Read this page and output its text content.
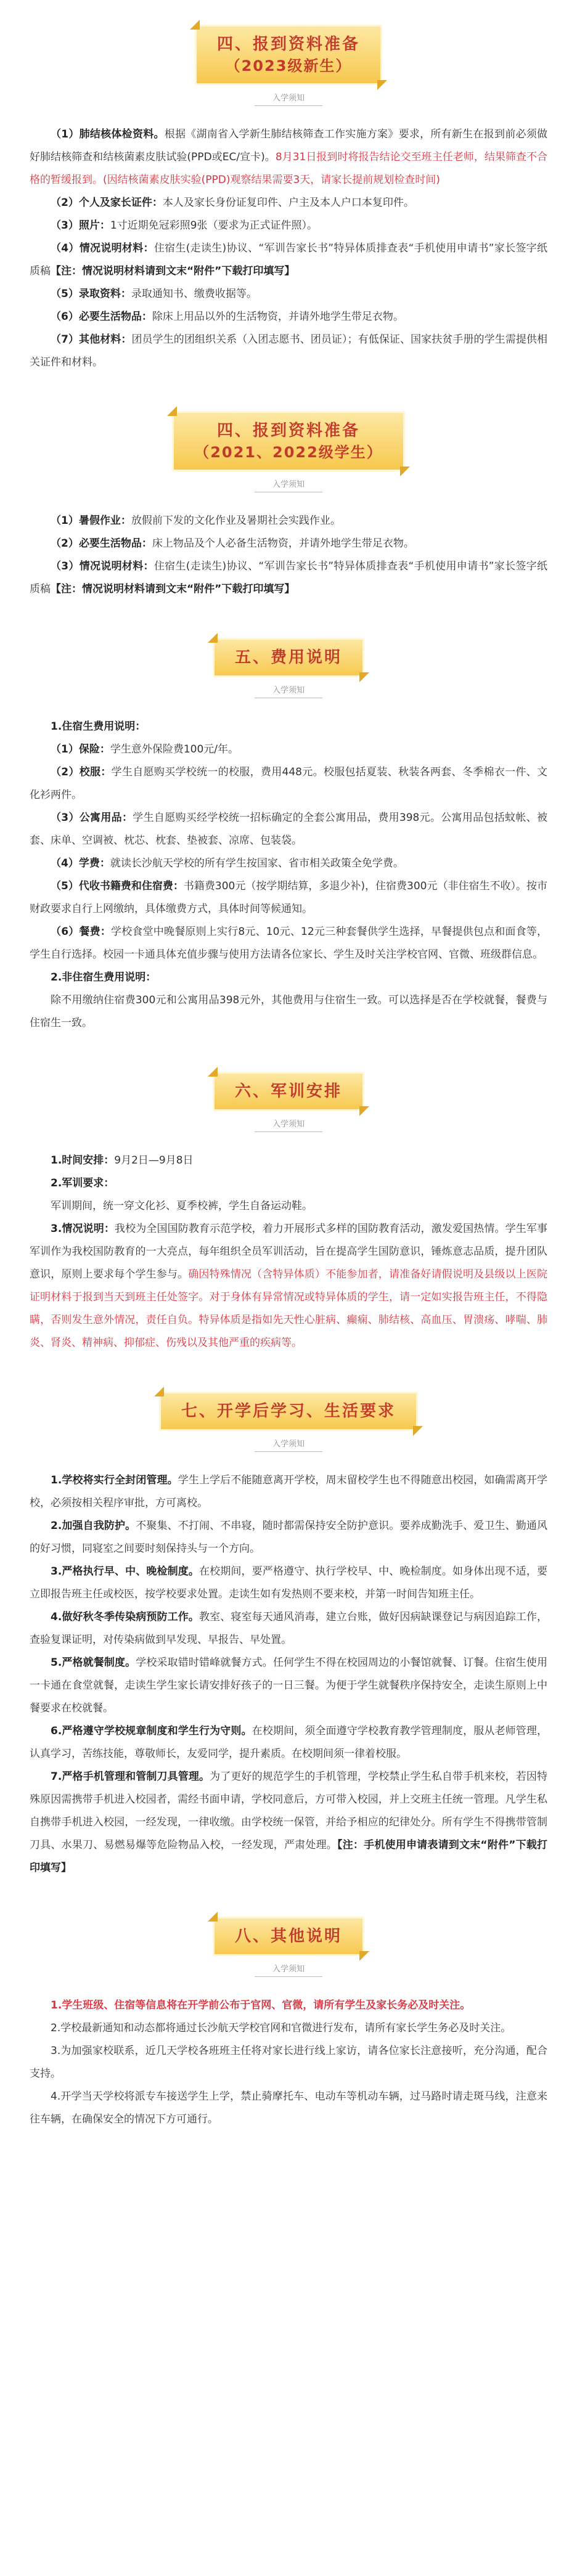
四、报到资料准备
（2023级新生）
入学须知

（1）肺结核体检资料。根据《湖南省入学新生肺结核筛查工作实施方案》要求，所有新生在报到前必须做好肺结核筛查和结核菌素皮肤试验(PPD或EC/宣卡)。8月31日报到时将报告结论交至班主任老师，结果筛查不合格的暂缓报到。(因结核菌素皮肤实验(PPD)观察结果需要3天，请家长提前规划检查时间)

（2）个人及家长证件：本人及家长身份证复印件、户主及本人户口本复印件。

（3）照片：1寸近期免冠彩照9张（要求为正式证件照）。

（4）情况说明材料：住宿生(走读生)协议、“军训告家长书”特异体质排查表“手机使用申请书”家长签字纸质稿【注：情况说明材料请到文末“附件”下载打印填写】

（5）录取资料：录取通知书、缴费收据等。

（6）必要生活物品：除床上用品以外的生活物资，并请外地学生带足衣物。

（7）其他材料：团员学生的团组织关系（入团志愿书、团员证）；有低保证、国家扶贫手册的学生需提供相关证件和材料。

四、报到资料准备
（2021、2022级学生）
入学须知

（1）暑假作业：放假前下发的文化作业及暑期社会实践作业。

（2）必要生活物品：床上物品及个人必备生活物资，并请外地学生带足衣物。

（3）情况说明材料：住宿生(走读生)协议、“军训告家长书”特异体质排查表“手机使用申请书”家长签字纸质稿【注：情况说明材料请到文末“附件”下载打印填写】

五、费用说明
入学须知

1.住宿生费用说明：

（1）保险：学生意外保险费100元/年。

（2）校服：学生自愿购买学校统一的校服，费用448元。校服包括夏装、秋装各两套、冬季棉衣一件、文化衫两件。

（3）公寓用品：学生自愿购买经学校统一招标确定的全套公寓用品，费用398元。公寓用品包括蚊帐、被套、床单、空调被、枕芯、枕套、垫被套、凉席、包装袋。

（4）学费：就读长沙航天学校的所有学生按国家、省市相关政策全免学费。

（5）代收书籍费和住宿费：书籍费300元（按学期结算，多退少补)，住宿费300元（非住宿生不收）。按市财政要求自行上网缴纳，具体缴费方式，具体时间等候通知。

（6）餐费：学校食堂中晚餐原则上实行8元、10元、12元三种套餐供学生选择，早餐提供包点和面食等，学生自行选择。校园一卡通具体充值步骤与使用方法请各位家长、学生及时关注学校官网、官微、班级群信息。

2.非住宿生费用说明：

除不用缴纳住宿费300元和公寓用品398元外，其他费用与住宿生一致。可以选择是否在学校就餐，餐费与住宿生一致。

六、军训安排
入学须知

1.时间安排：9月2日—9月8日

2.军训要求：

军训期间，统一穿文化衫、夏季校裤，学生自备运动鞋。

3.情况说明：我校为全国国防教育示范学校，着力开展形式多样的国防教育活动，激发爱国热情。学生军事军训作为我校国防教育的一大亮点，每年组织全员军训活动，旨在提高学生国防意识，锤炼意志品质，提升团队意识，原则上要求每个学生参与。确因特殊情况（含特异体质）不能参加者，请准备好请假说明及县级以上医院证明材料于报到当天到班主任处签字。对于身体有异常情况或特异体质的学生，请一定如实报告班主任，不得隐瞒，否则发生意外情况，责任自负。特异体质是指如先天性心脏病、癫痫、肺结核、高血压、胃溃疡、哮喘、肺炎、肾炎、精神病、抑郁症、伤残以及其他严重的疾病等。

七、开学后学习、生活要求
入学须知

1.学校将实行全封闭管理。学生上学后不能随意离开学校，周末留校学生也不得随意出校园，如确需离开学校，必须按相关程序审批，方可离校。

2.加强自我防护。不聚集、不打闹、不串寝，随时都需保持安全防护意识。要养成勤洗手、爱卫生、勤通风的好习惯，同寝室之间要时刻保持头与一个方向。

3.严格执行早、中、晚检制度。在校期间，要严格遵守、执行学校早、中、晚检制度。如身体出现不适，要立即报告班主任或校医，按学校要求处置。走读生如有发热则不要来校，并第一时间告知班主任。

4.做好秋冬季传染病预防工作。教室、寝室每天通风消毒，建立台账，做好因病缺课登记与病因追踪工作，查验复课证明，对传染病做到早发现、早报告、早处置。

5.严格就餐制度。学校采取错时错峰就餐方式。任何学生不得在校园周边的小餐馆就餐、订餐。住宿生使用一卡通在食堂就餐，走读生学生家长请安排好孩子的一日三餐。为便于学生就餐秩序保持安全，走读生原则上中餐要求在校就餐。

6.严格遵守学校规章制度和学生行为守则。在校期间，须全面遵守学校教育教学管理制度，服从老师管理，认真学习，苦练技能，尊敬师长，友爱同学，提升素质。在校期间须一律着校服。

7.严格手机管理和管制刀具管理。为了更好的规范学生的手机管理，学校禁止学生私自带手机来校，若因特殊原因需携带手机进入校园者，需经书面申请，学校同意后，方可带入校园，并上交班主任统一管理。凡学生私自携带手机进入校园，一经发现，一律收缴。由学校统一保管，并给予相应的纪律处分。所有学生不得携带管制刀具、水果刀、易燃易爆等危险物品入校，一经发现，严肃处理。【注：手机使用申请表请到文末“附件”下载打印填写】

八、其他说明
入学须知

1.学生班级、住宿等信息将在开学前公布于官网、官微，请所有学生及家长务必及时关注。

2.学校最新通知和动态都将通过长沙航天学校官网和官微进行发布，请所有家长学生务必及时关注。

3.为加强家校联系，近几天学校各班班主任将对家长进行线上家访，请各位家长注意接听，充分沟通，配合支持。

4.开学当天学校将派专车接送学生上学，禁止骑摩托车、电动车等机动车辆，过马路时请走斑马线，注意来往车辆，在确保安全的情况下方可通行。
